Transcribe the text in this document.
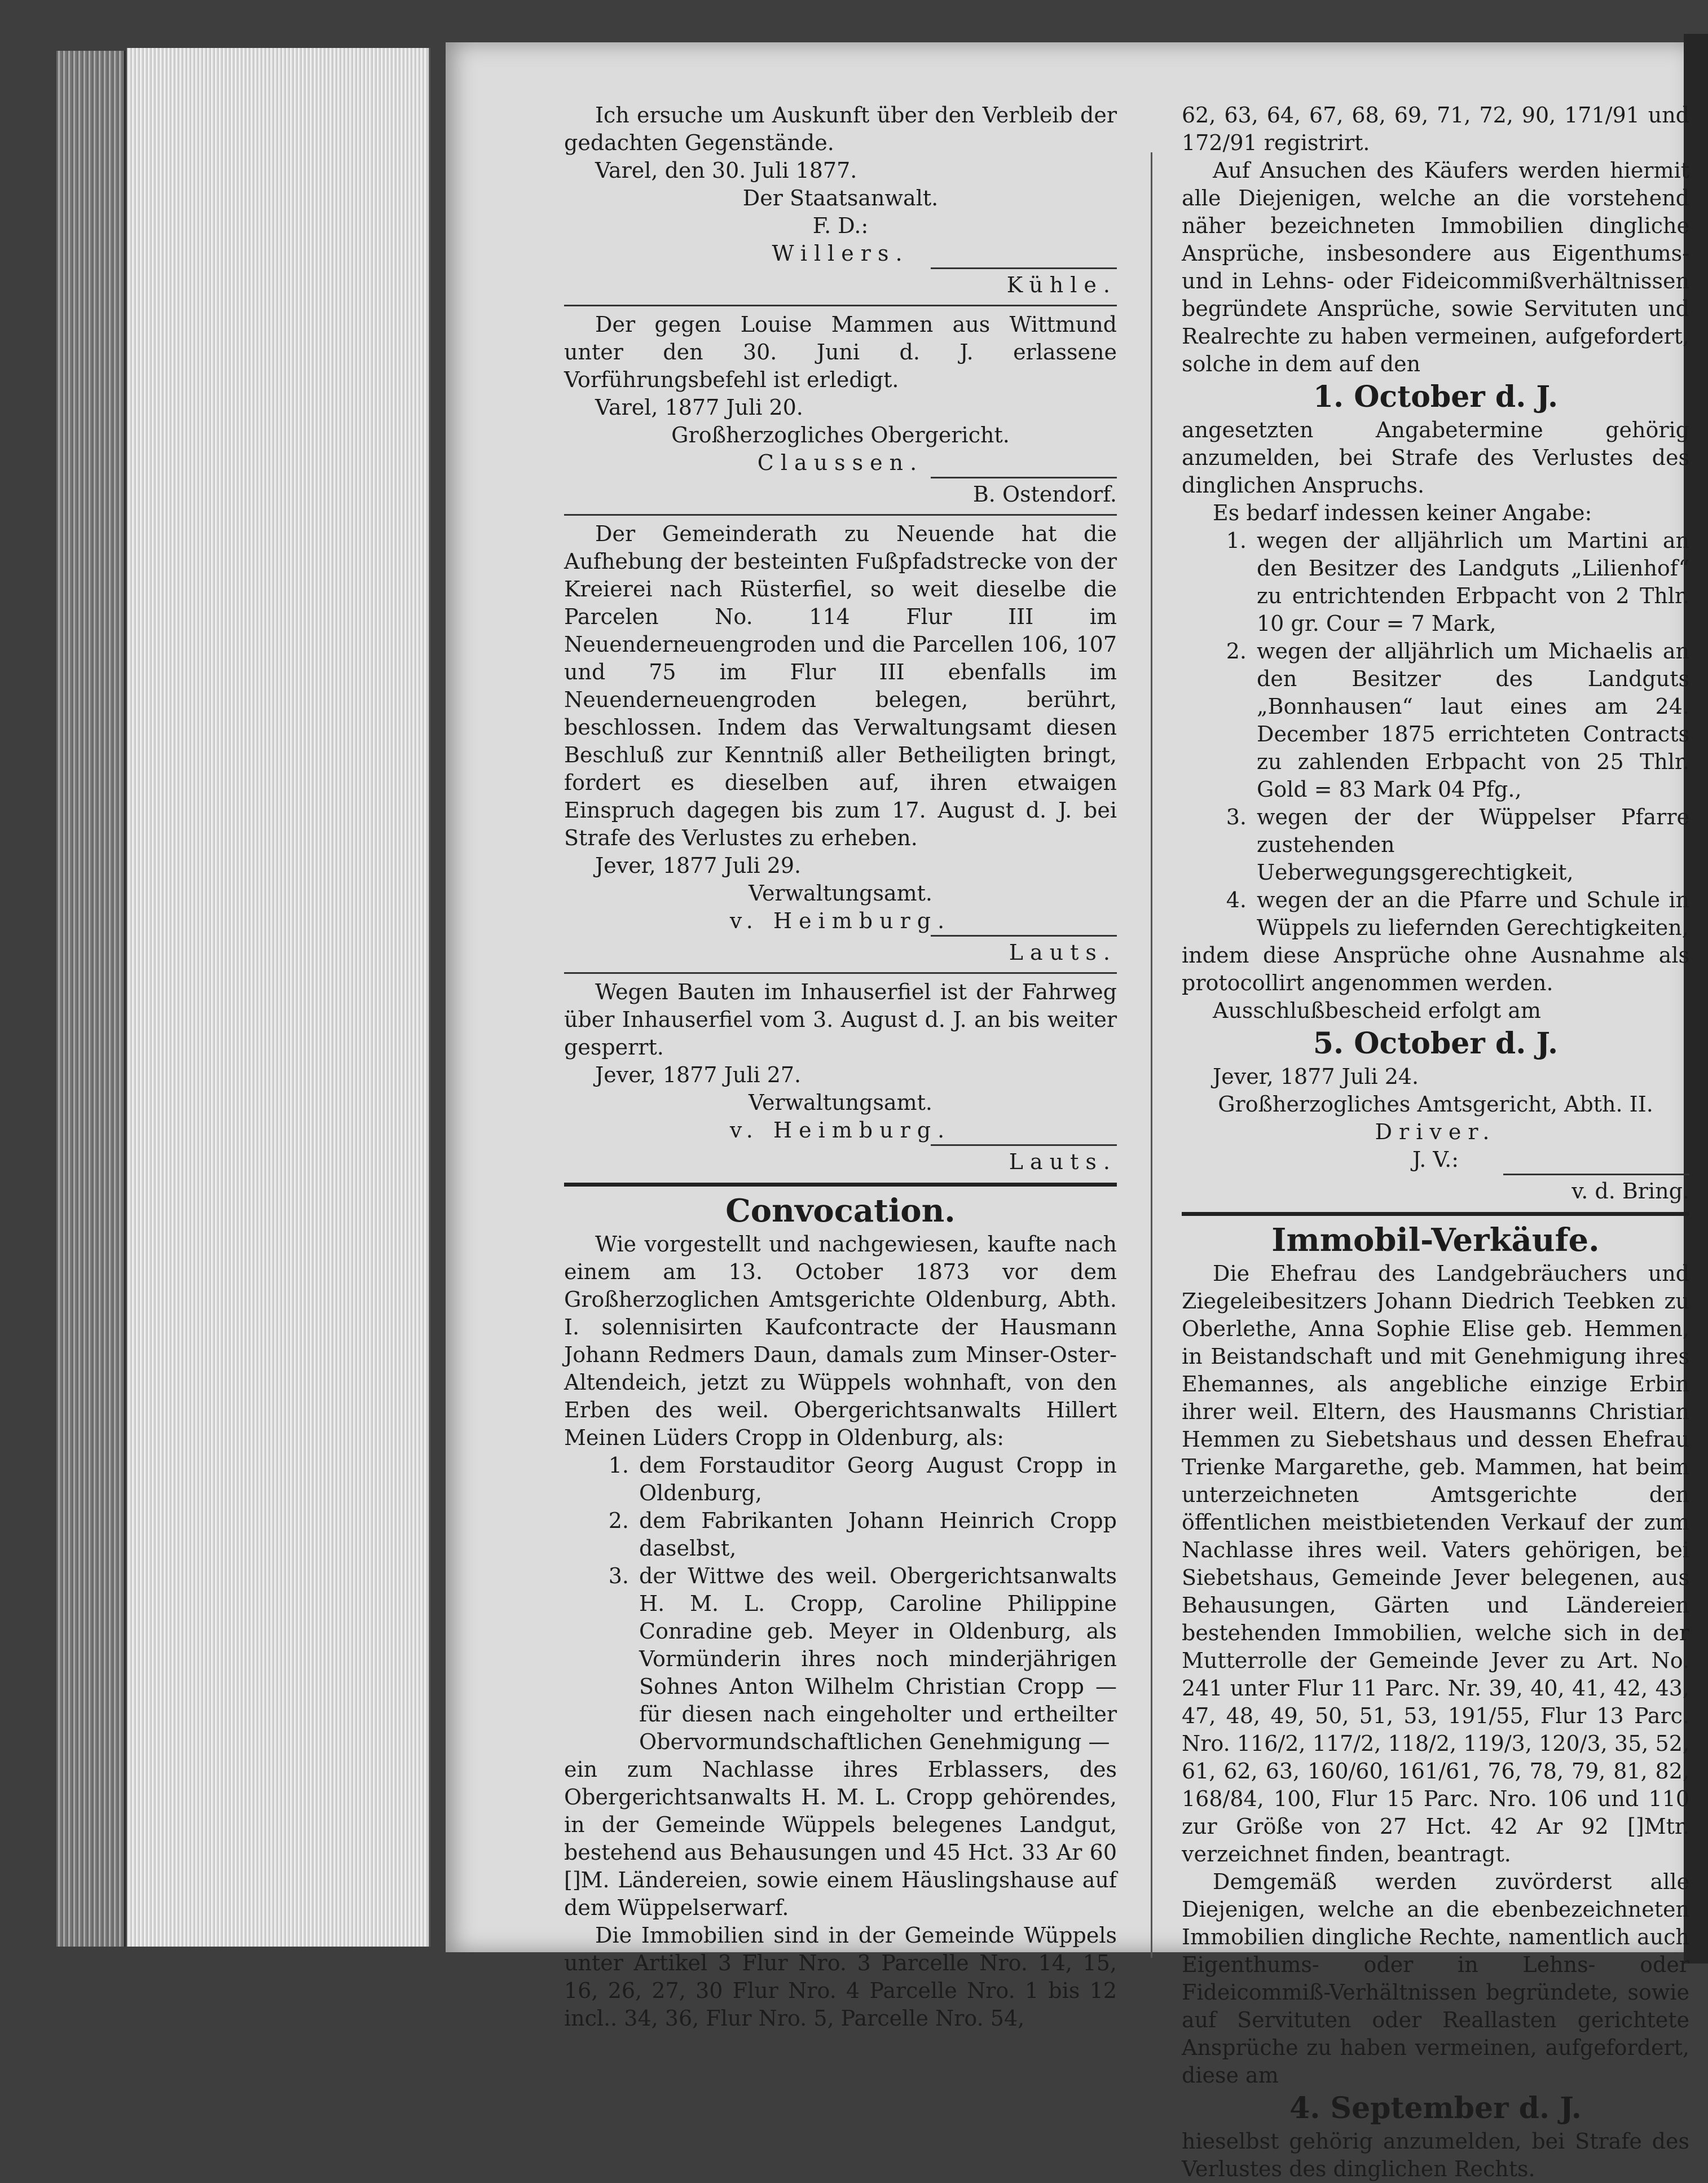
Ich ersuche um Auskunft über den Verbleib der gedachten Gegenstände.

Varel, den 30. Juli 1877.

Der Staatsanwalt.

F. D.:

Willers.

Kühle.

Der gegen Louise Mammen aus Wittmund unter den 30. Juni d. J. erlassene Vorführungsbefehl ist erledigt.

Varel, 1877 Juli 20.

Großherzogliches Obergericht.

Claussen.

B. Ostendorf.

Der Gemeinderath zu Neuende hat die Aufhebung der besteinten Fußpfadstrecke von der Kreierei nach Rüsterfiel, so weit dieselbe die Parcelen No. 114 Flur III im Neuenderneuengroden und die Parcellen 106, 107 und 75 im Flur III ebenfalls im Neuenderneuengroden belegen, berührt, beschlossen. Indem das Verwaltungsamt diesen Beschluß zur Kenntniß aller Betheiligten bringt, fordert es dieselben auf, ihren etwaigen Einspruch dagegen bis zum 17. August d. J. bei Strafe des Verlustes zu erheben.

Jever, 1877 Juli 29.

Verwaltungsamt.

v. Heimburg.

Lauts.

Wegen Bauten im Inhauserfiel ist der Fahrweg über Inhauserfiel vom 3. August d. J. an bis weiter gesperrt.

Jever, 1877 Juli 27.

Verwaltungsamt.

v. Heimburg.

Lauts.

Convocation.

Wie vorgestellt und nachgewiesen, kaufte nach einem am 13. October 1873 vor dem Großherzoglichen Amtsgerichte Oldenburg, Abth. I. solennisirten Kaufcontracte der Hausmann Johann Redmers Daun, damals zum Minser-Oster-Altendeich, jetzt zu Wüppels wohnhaft, von den Erben des weil. Obergerichtsanwalts Hillert Meinen Lüders Cropp in Oldenburg, als:

1. dem Forstauditor Georg August Cropp in Oldenburg,
2. dem Fabrikanten Johann Heinrich Cropp daselbst,
3. der Wittwe des weil. Obergerichtsanwalts H. M. L. Cropp, Caroline Philippine Conradine geb. Meyer in Oldenburg, als Vormünderin ihres noch minderjährigen Sohnes Anton Wilhelm Christian Cropp — für diesen nach eingeholter und ertheilter Obervormundschaftlichen Genehmigung —

ein zum Nachlasse ihres Erblassers, des Obergerichtsanwalts H. M. L. Cropp gehörendes, in der Gemeinde Wüppels belegenes Landgut, bestehend aus Behausungen und 45 Hct. 33 Ar 60 []M. Ländereien, sowie einem Häuslingshause auf dem Wüppelserwarf.

Die Immobilien sind in der Gemeinde Wüppels unter Artikel 3 Flur Nro. 3 Parcelle Nro. 14, 15, 16, 26, 27, 30 Flur Nro. 4 Parcelle Nro. 1 bis 12 incl.. 34, 36, Flur Nro. 5, Parcelle Nro. 54,

62, 63, 64, 67, 68, 69, 71, 72, 90, 171/91 und 172/91 registrirt.

Auf Ansuchen des Käufers werden hiermit alle Diejenigen, welche an die vorstehend näher bezeichneten Immobilien dingliche Ansprüche, insbesondere aus Eigenthums- und in Lehns- oder Fideicommißverhältnissen begründete Ansprüche, sowie Servituten und Realrechte zu haben vermeinen, aufgefordert, solche in dem auf den

1. October d. J.

angesetzten Angabetermine gehörig anzumelden, bei Strafe des Verlustes des dinglichen Anspruchs.

Es bedarf indessen keiner Angabe:

1. wegen der alljährlich um Martini an den Besitzer des Landguts „Lilienhof“ zu entrichtenden Erbpacht von 2 Thlr. 10 gr. Cour = 7 Mark,
2. wegen der alljährlich um Michaelis an den Besitzer des Landguts „Bonnhausen“ laut eines am 24. December 1875 errichteten Contracts zu zahlenden Erbpacht von 25 Thlr. Gold = 83 Mark 04 Pfg.,
3. wegen der der Wüppelser Pfarre zustehenden Ueberwegungsgerechtigkeit,
4. wegen der an die Pfarre und Schule in Wüppels zu liefernden Gerechtigkeiten,

indem diese Ansprüche ohne Ausnahme als protocollirt angenommen werden.

Ausschlußbescheid erfolgt am

5. October d. J.

Jever, 1877 Juli 24.

Großherzogliches Amtsgericht, Abth. II.

Driver.

J. V.:

v. d. Bring.

Immobil-Verkäufe.

Die Ehefrau des Landgebräuchers und Ziegeleibesitzers Johann Diedrich Teebken zu Oberlethe, Anna Sophie Elise geb. Hemmen, in Beistandschaft und mit Genehmigung ihres Ehemannes, als angebliche einzige Erbin ihrer weil. Eltern, des Hausmanns Christian Hemmen zu Siebetshaus und dessen Ehefrau Trienke Margarethe, geb. Mammen, hat beim unterzeichneten Amtsgerichte den öffentlichen meistbietenden Verkauf der zum Nachlasse ihres weil. Vaters gehörigen, bei Siebetshaus, Gemeinde Jever belegenen, aus Behausungen, Gärten und Ländereien bestehenden Immobilien, welche sich in der Mutterrolle der Gemeinde Jever zu Art. No. 241 unter Flur 11 Parc. Nr. 39, 40, 41, 42, 43, 47, 48, 49, 50, 51, 53, 191/55, Flur 13 Parc. Nro. 116/2, 117/2, 118/2, 119/3, 120/3, 35, 52, 61, 62, 63, 160/60, 161/61, 76, 78, 79, 81, 82, 168/84, 100, Flur 15 Parc. Nro. 106 und 110 zur Größe von 27 Hct. 42 Ar 92 []Mtr. verzeichnet finden, beantragt.

Demgemäß werden zuvörderst alle Diejenigen, welche an die ebenbezeichneten Immobilien dingliche Rechte, namentlich auch Eigenthums- oder in Lehns- oder Fideicommiß-Verhältnissen begründete, sowie auf Servituten oder Reallasten gerichtete Ansprüche zu haben vermeinen, aufgefordert, diese am

4. September d. J.

hieselbst gehörig anzumelden, bei Strafe des Verlustes des dinglichen Rechts.
